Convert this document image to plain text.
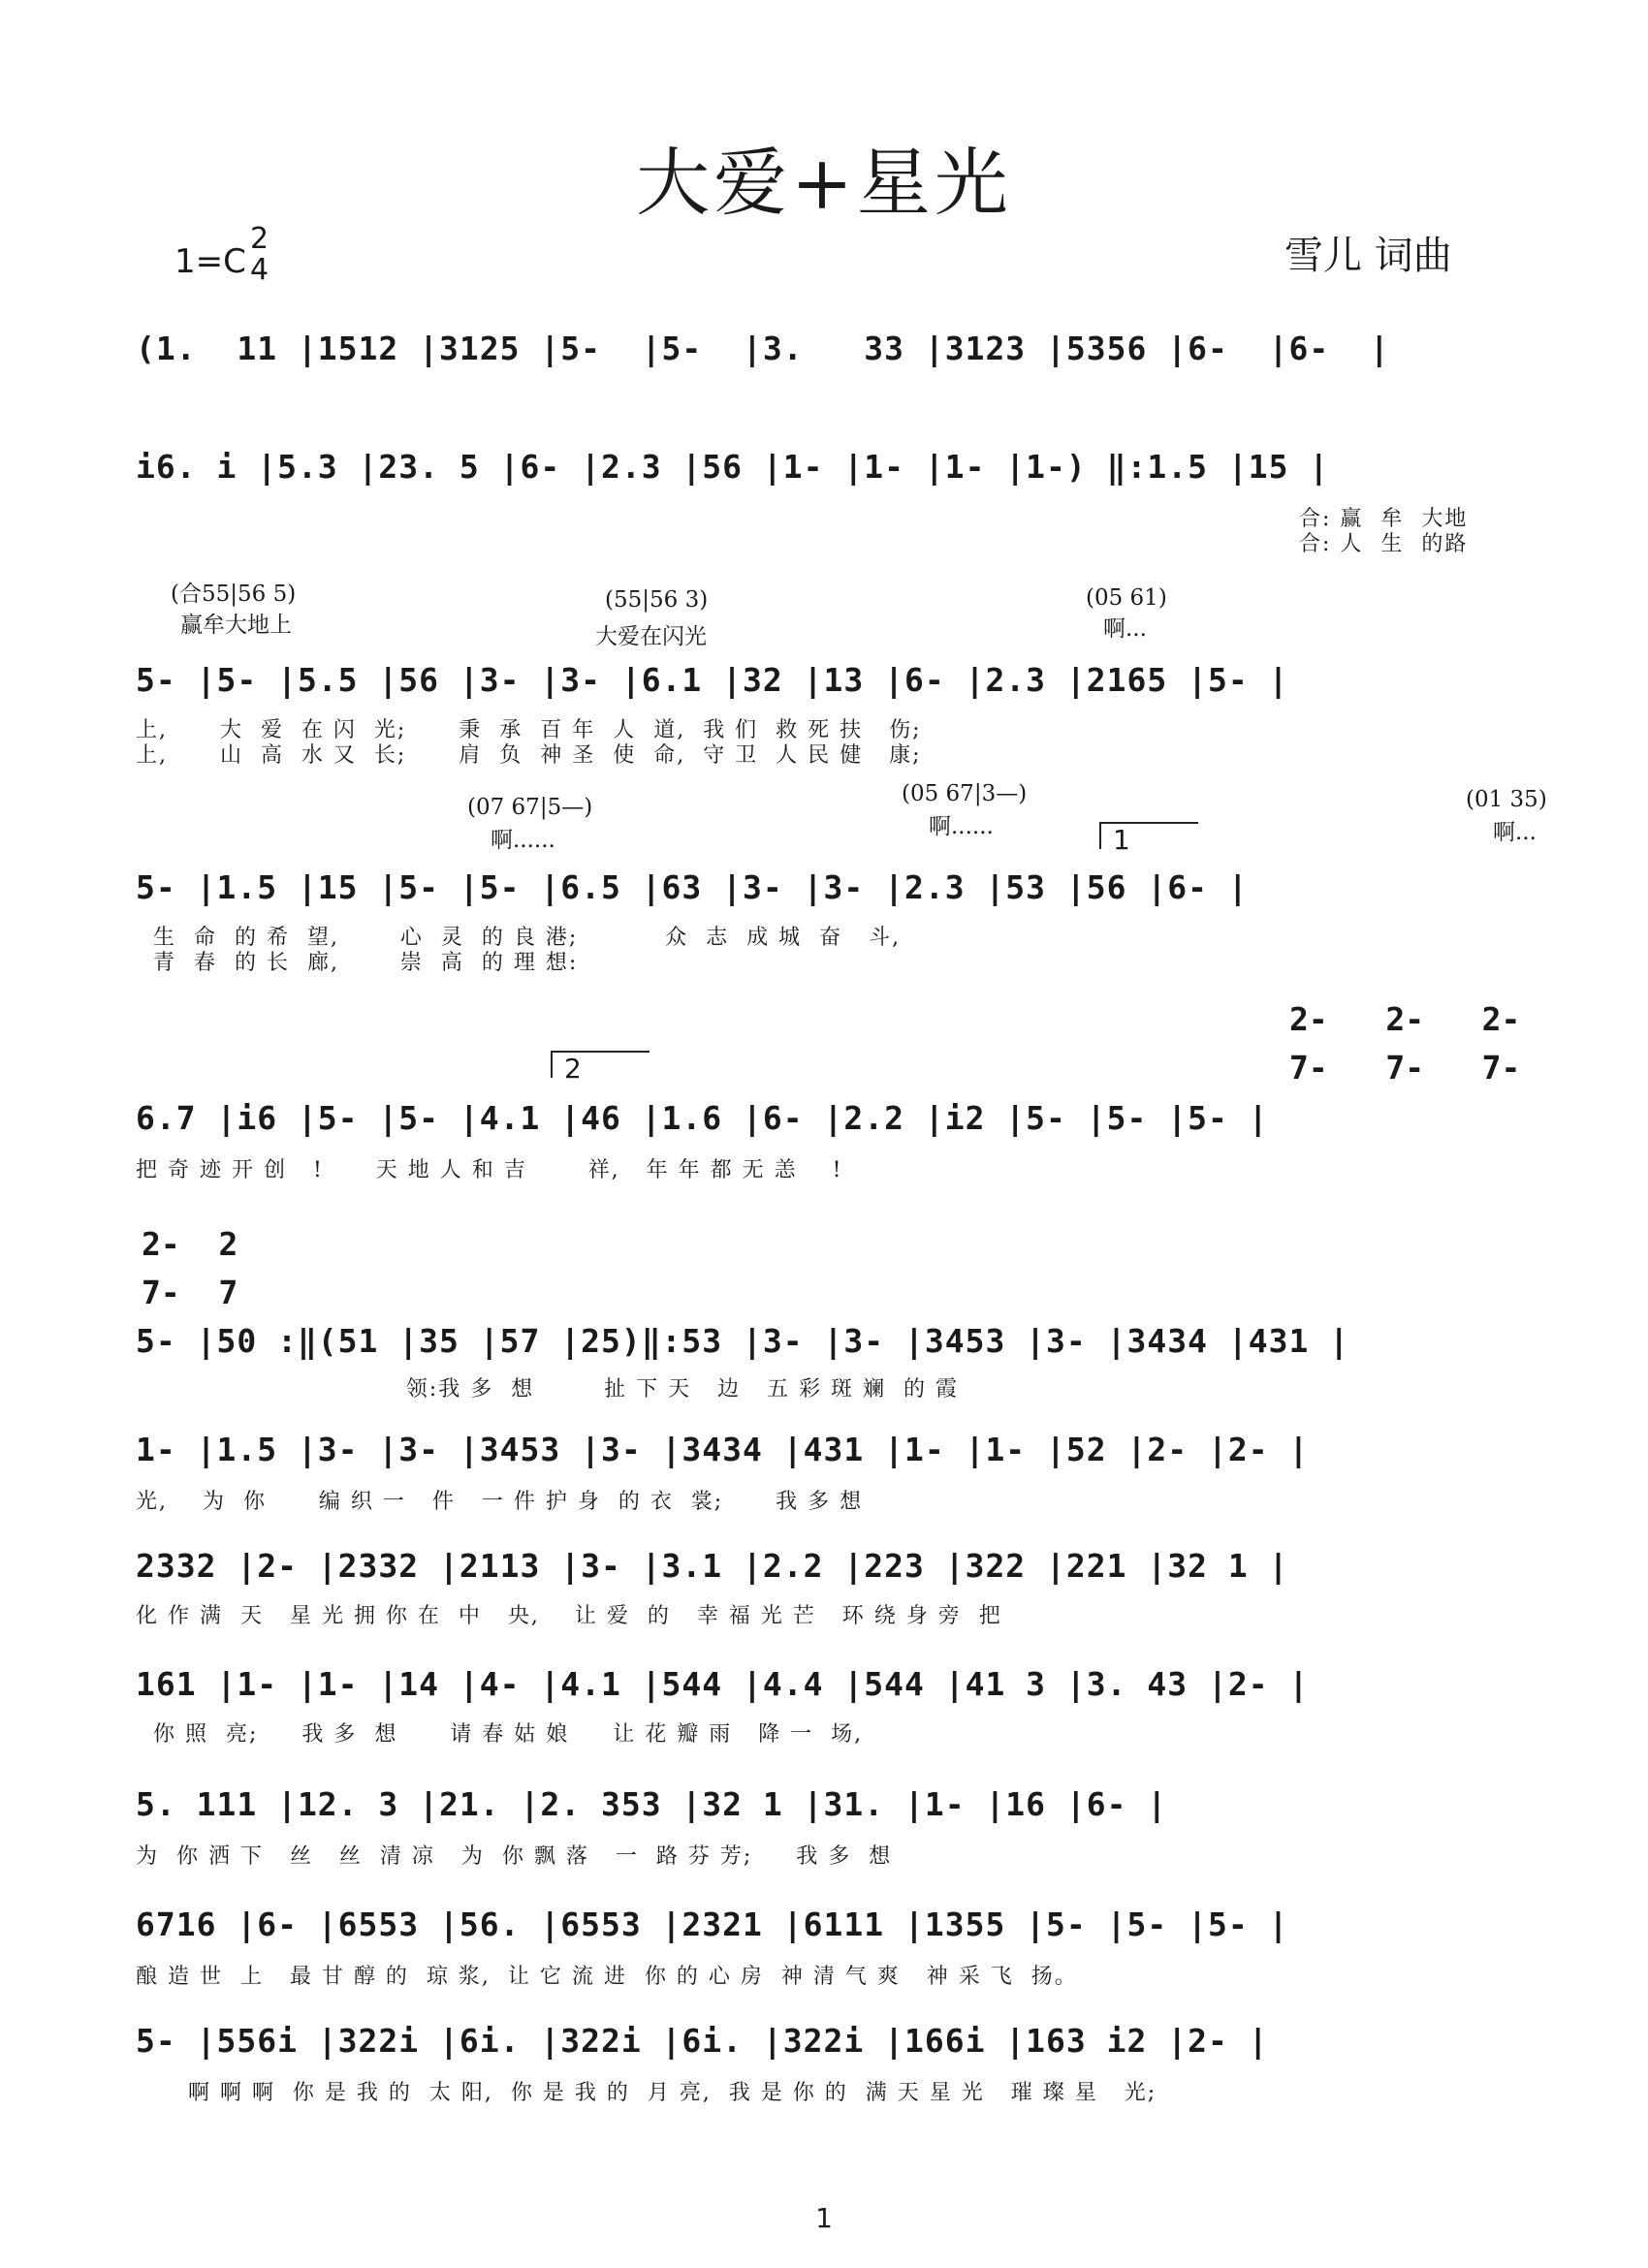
大爱+星光
1=C
2
4	雪儿 词曲
(1.  11 |1512 |3125 |5-  |5-  |3.   33 |3123 |5356 |6-  |6-  |
i6. i |5.3 |23. 5 |6- |2.3 |56 |1- |1- |1- |1-) ‖:1.5 |15 |
合: 赢  牟  大地
合: 人  生  的路
(合55|56 5)
赢牟大地上
(55|56 3)
大爱在闪光
(05 61)
啊...
5- |5- |5.5 |56 |3- |3- |6.1 |32 |13 |6- |2.3 |2165 |5- |
上,      大  爱  在 闪  光;      秉  承  百 年  人  道,  我 们  救 死 扶   伤;
上,      山  高  水 又  长;      肩  负  神 圣  使  命,  守 卫  人 民 健   康;
(07 67|5—)
啊......
(05 67|3—)
啊......	1
(01 35)
啊...
5- |1.5 |15 |5- |5- |6.5 |63 |3- |3- |2.3 |53 |56 |6- |
生  命  的 希  望,       心  灵  的 良 港;          众  志  成 城  奋   斗,
青  春  的 长  廊,       崇  高  的 理 想:
2-   2-   2-
7-   7-   7-
2
6.7 |i6 |5- |5- |4.1 |46 |1.6 |6- |2.2 |i2 |5- |5- |5- |
把 奇 迹 开 创   !      天 地 人 和 吉       祥,   年 年 都 无 恙    !
2-  2
7-  7
5- |50 :‖(51 |35 |57 |25)‖:53 |3- |3- |3453 |3- |3434 |431 |
领:我 多  想        扯 下 天   边   五 彩 斑 斓  的 霞
1- |1.5 |3- |3- |3453 |3- |3434 |431 |1- |1- |52 |2- |2- |
光,    为  你      编 织 一   件   一 件 护 身  的 衣  裳;      我 多 想
2332 |2- |2332 |2113 |3- |3.1 |2.2 |223 |322 |221 |32 1 |
化 作 满  天   星 光 拥 你 在  中   央,    让 爱  的   幸 福 光 芒   环 绕 身 旁  把
161 |1- |1- |14 |4- |4.1 |544 |4.4 |544 |41 3 |3. 43 |2- |
你 照  亮;     我 多  想      请 春 姑 娘     让 花 瓣 雨   降 一  场,
5. 111 |12. 3 |21. |2. 353 |32 1 |31. |1- |16 |6- |
为  你 洒 下   丝   丝  清 凉   为  你 飘 落   一  路 芬 芳;     我 多  想
6716 |6- |6553 |56. |6553 |2321 |6111 |1355 |5- |5- |5- |
酿 造 世  上   最 甘 醇 的  琼 浆,  让 它 流 进  你 的 心 房  神 清 气 爽   神 采 飞  扬。
5- |556i |322i |6i. |322i |6i. |322i |166i |163 i2 |2- |
啊 啊 啊  你 是 我 的  太 阳,  你 是 我 的  月 亮,  我 是 你 的  满 天 星 光   璀 璨 星   光;
1
